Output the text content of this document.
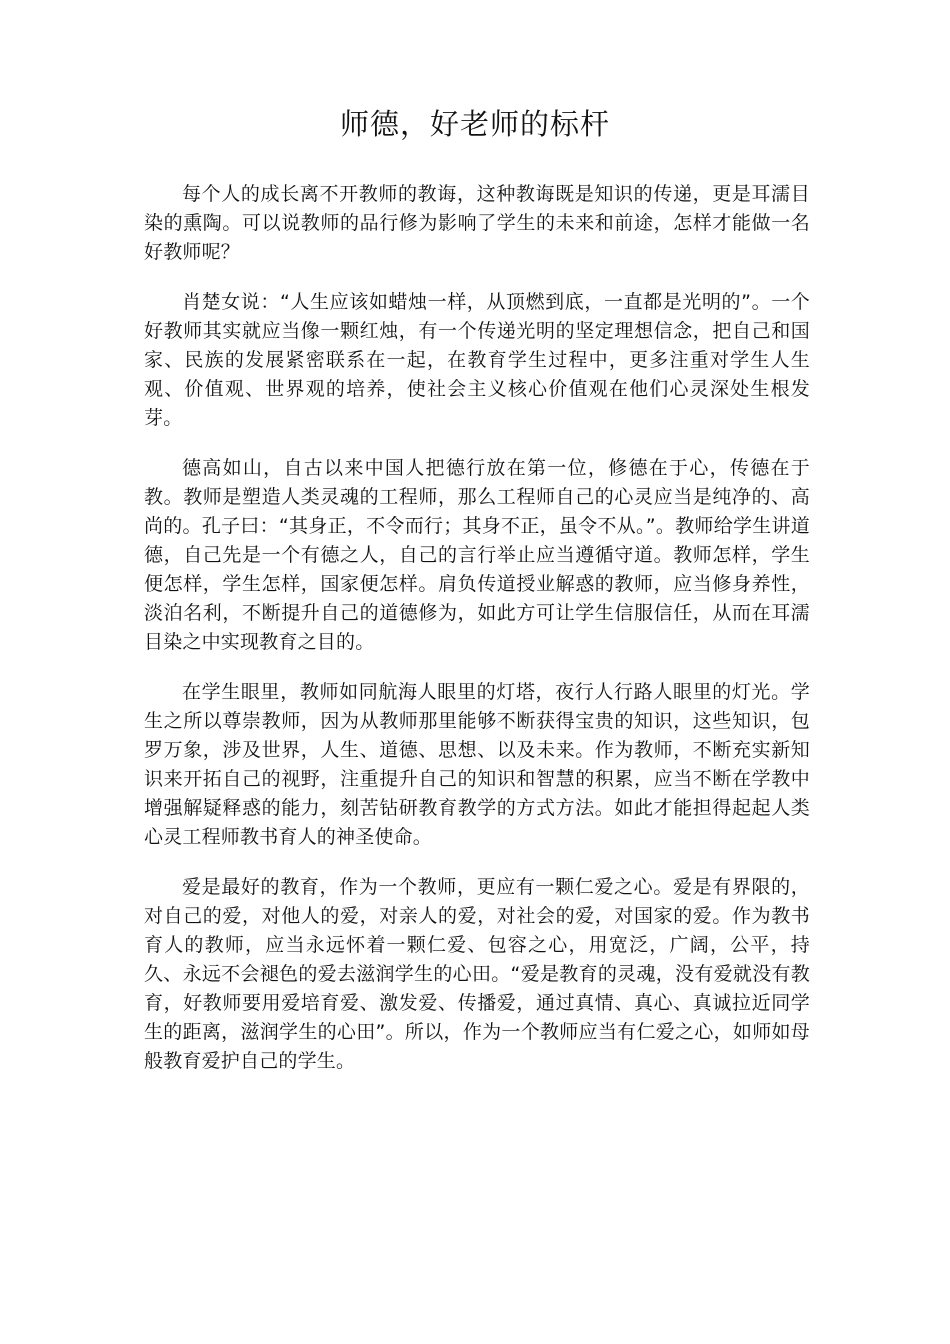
师德，好老师的标杆

每个人的成长离不开教师的教诲，这种教诲既是知识的传递，更是耳濡目染的熏陶。可以说教师的品行修为影响了学生的未来和前途，怎样才能做一名好教师呢？

肖楚女说：“人生应该如蜡烛一样，从顶燃到底，一直都是光明的”。一个好教师其实就应当像一颗红烛，有一个传递光明的坚定理想信念，把自己和国家、民族的发展紧密联系在一起，在教育学生过程中，更多注重对学生人生观、价值观、世界观的培养，使社会主义核心价值观在他们心灵深处生根发芽。

德高如山，自古以来中国人把德行放在第一位，修德在于心，传德在于教。教师是塑造人类灵魂的工程师，那么工程师自己的心灵应当是纯净的、高尚的。孔子曰：“其身正，不令而行；其身不正，虽令不从。”。教师给学生讲道德，自己先是一个有德之人，自己的言行举止应当遵循守道。教师怎样，学生便怎样，学生怎样，国家便怎样。肩负传道授业解惑的教师，应当修身养性，淡泊名利，不断提升自己的道德修为，如此方可让学生信服信任，从而在耳濡目染之中实现教育之目的。

在学生眼里，教师如同航海人眼里的灯塔，夜行人行路人眼里的灯光。学生之所以尊崇教师，因为从教师那里能够不断获得宝贵的知识，这些知识，包罗万象，涉及世界，人生、道德、思想、以及未来。作为教师，不断充实新知识来开拓自己的视野，注重提升自己的知识和智慧的积累，应当不断在学教中增强解疑释惑的能力，刻苦钻研教育教学的方式方法。如此才能担得起起人类心灵工程师教书育人的神圣使命。

爱是最好的教育，作为一个教师，更应有一颗仁爱之心。爱是有界限的，对自己的爱，对他人的爱，对亲人的爱，对社会的爱，对国家的爱。作为教书育人的教师，应当永远怀着一颗仁爱、包容之心，用宽泛，广阔，公平，持久、永远不会褪色的爱去滋润学生的心田。“爱是教育的灵魂，没有爱就没有教育，好教师要用爱培育爱、激发爱、传播爱，通过真情、真心、真诚拉近同学生的距离，滋润学生的心田”。所以，作为一个教师应当有仁爱之心，如师如母般教育爱护自己的学生。
